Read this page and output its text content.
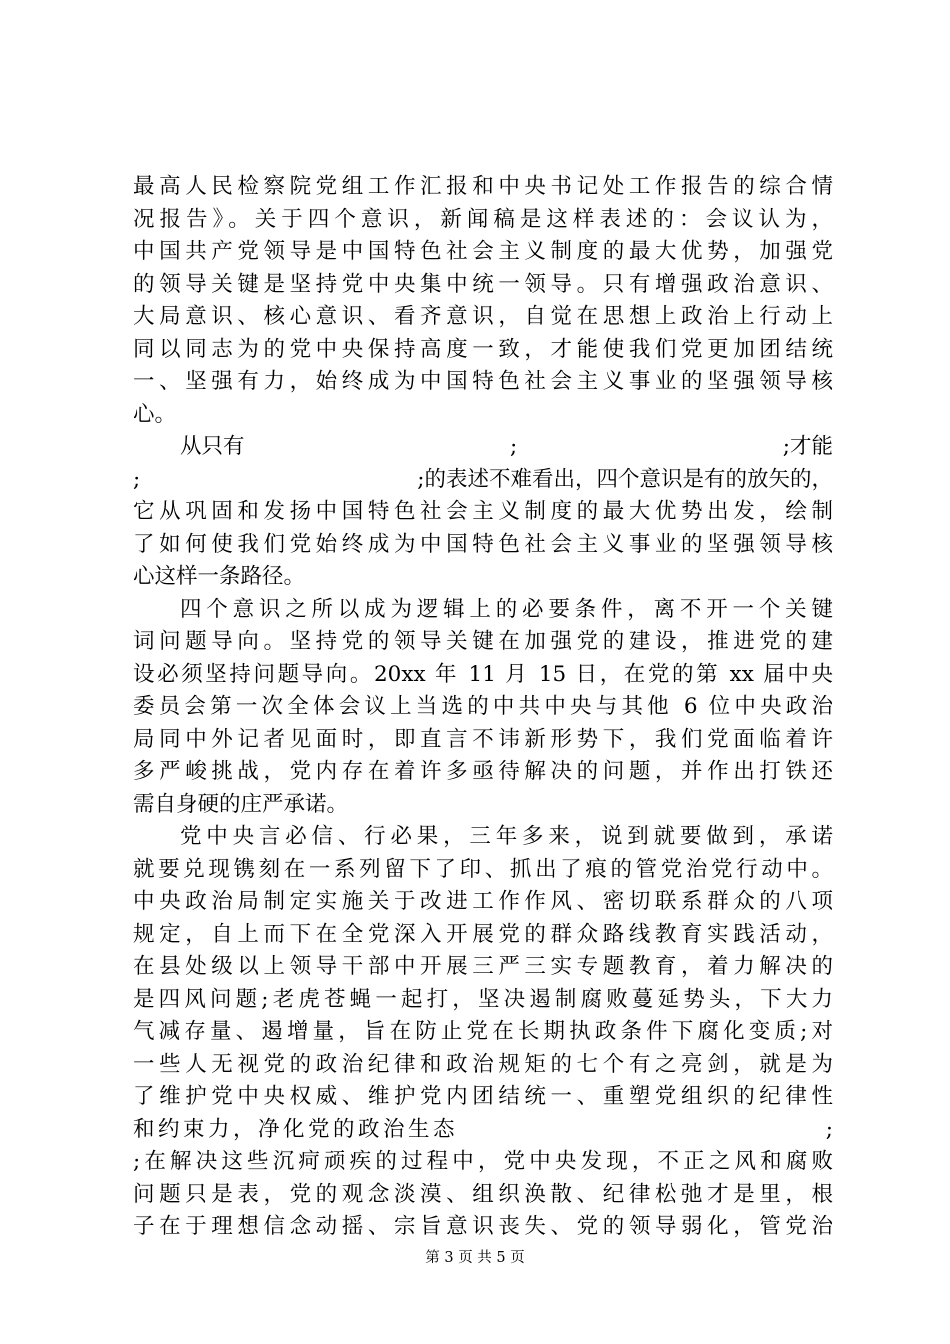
最高人民检察院党组工作汇报和中央书记处工作报告的综合情
况报告》。关于四个意识，新闻稿是这样表述的：会议认为，
中国共产党领导是中国特色社会主义制度的最大优势，加强党
的领导关键是坚持党中央集中统一领导。只有增强政治意识、
大局意识、核心意识、看齐意识，自觉在思想上政治上行动上
同以同志为的党中央保持高度一致，才能使我们党更加团结统
一、坚强有力，始终成为中国特色社会主义事业的坚强领导核
心。
从只有	;	;才能
;	;的表述不难看出，四个意识是有的放矢的，
它从巩固和发扬中国特色社会主义制度的最大优势出发，绘制
了如何使我们党始终成为中国特色社会主义事业的坚强领导核
心这样一条路径。
四个意识之所以成为逻辑上的必要条件，离不开一个关键
词问题导向。坚持党的领导关键在加强党的建设，推进党的建
设必须坚持问题导向。20xx 年 11 月 15 日，在党的第 xx 届中央
委员会第一次全体会议上当选的中共中央与其他 6 位中央政治
局同中外记者见面时，即直言不讳新形势下，我们党面临着许
多严峻挑战，党内存在着许多亟待解决的问题，并作出打铁还
需自身硬的庄严承诺。
党中央言必信、行必果，三年多来，说到就要做到，承诺
就要兑现镌刻在一系列留下了印、抓出了痕的管党治党行动中。
中央政治局制定实施关于改进工作作风、密切联系群众的八项
规定，自上而下在全党深入开展党的群众路线教育实践活动，
在县处级以上领导干部中开展三严三实专题教育，着力解决的
是四风问题;老虎苍蝇一起打，坚决遏制腐败蔓延势头，下大力
气减存量、遏增量，旨在防止党在长期执政条件下腐化变质;对
一些人无视党的政治纪律和政治规矩的七个有之亮剑，就是为
了维护党中央权威、维护党内团结统一、重塑党组织的纪律性
和约束力，净化党的政治生态	;
;在解决这些沉疴顽疾的过程中，党中央发现，不正之风和腐败
问题只是表，党的观念淡漠、组织涣散、纪律松弛才是里，根
子在于理想信念动摇、宗旨意识丧失、党的领导弱化，管党治
第 3 页 共 5 页
